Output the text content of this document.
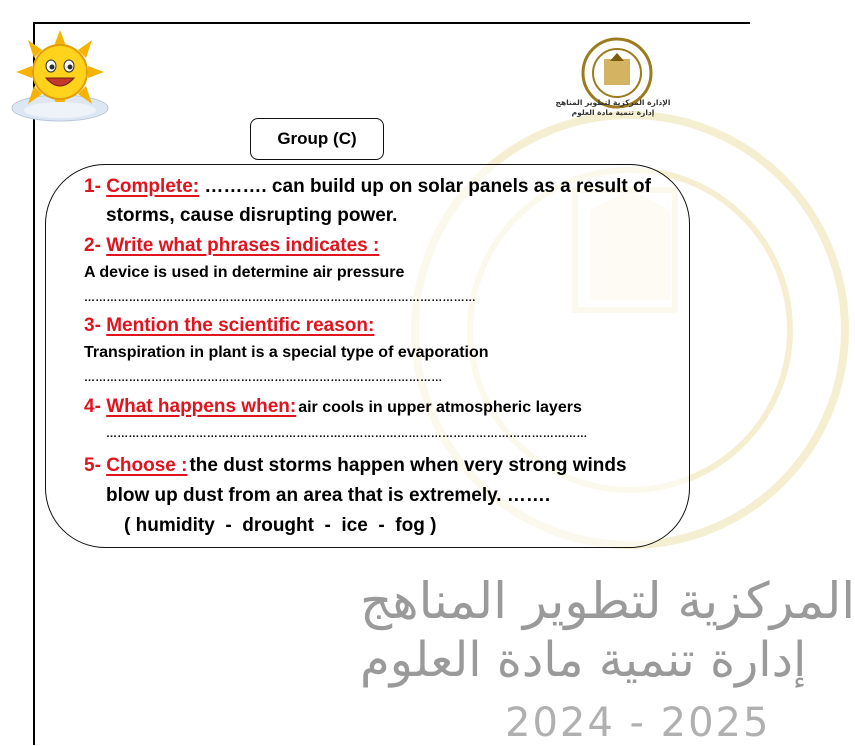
المركزية لتطوير المناهج
إدارة تنمية مادة العلوم
2024 - 2025
الإدارة المركزية لتطوير المناهج
إدارة تنمية مادة العلوم
Group (C)
1- Complete: ………. can build up on solar panels as a result of
storms, cause disrupting power.
2- Write what phrases indicates :
A device is used in determine air pressure
……………………………………………………………………………………………
3- Mention the scientific reason:
Transpiration in plant is a special type of evaporation
……………………………………………………………………………………
4- What happens when: air cools in upper atmospheric layers
…………………………………………………………………………………………………………………
5- Choose : the dust storms happen when very strong winds
blow up dust from an area that is extremely. …….
( humidity  -  drought  -  ice  -  fog )
